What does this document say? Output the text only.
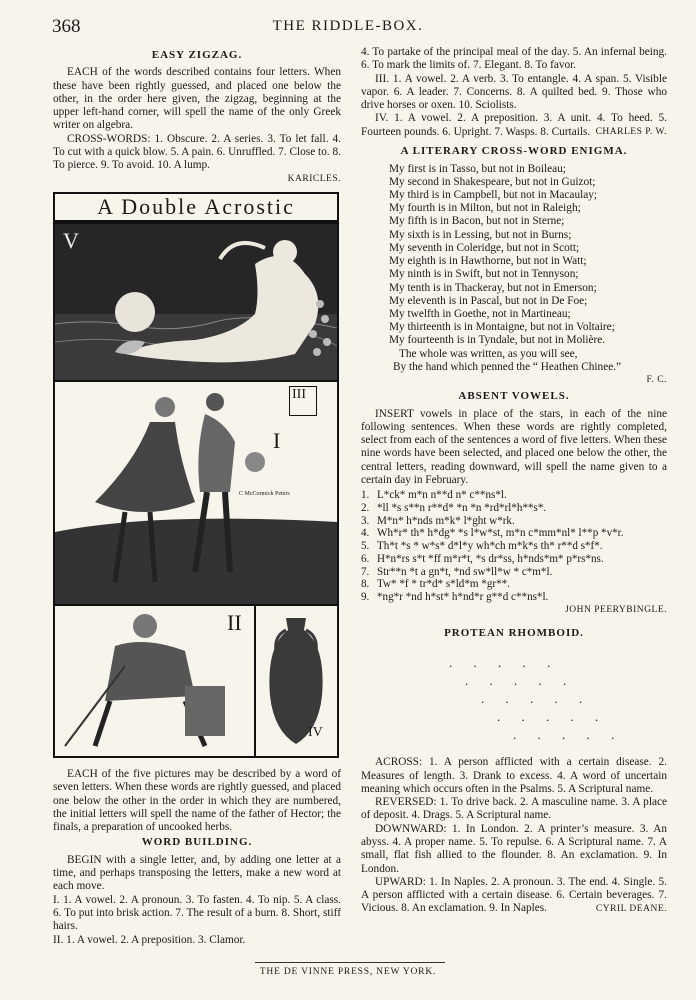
368	THE RIDDLE-BOX.
EASY ZIGZAG.

EACH of the words described contains four letters. When these have been rightly guessed, and placed one below the other, in the order here given, the zigzag, beginning at the upper left-hand corner, will spell the name of the only Greek writer on algebra.

CROSS-WORDS: 1. Obscure. 2. A series. 3. To let fall. 4. To cut with a quick blow. 5. A pain. 6. Unruffled. 7. Close to. 8. To pierce. 9. To avoid. 10. A lump.

KARICLES.
A Double Acrostic
V
I
III
C McCormick Peters
II
IV

EACH of the five pictures may be described by a word of seven letters. When these words are rightly guessed, and placed one below the other in the order in which they are numbered, the initial letters will spell the name of the father of Hector; the finals, a preparation of uncooked herbs.

WORD BUILDING.

BEGIN with a single letter, and, by adding one letter at a time, and perhaps transposing the letters, make a new word at each move.

I. 1. A vowel. 2. A pronoun. 3. To fasten. 4. To nip. 5. A class. 6. To put into brisk action. 7. The result of a burn. 8. Short, stiff hairs.

II. 1. A vowel. 2. A preposition. 3. Clamor.

4. To partake of the principal meal of the day. 5. An infernal being. 6. To mark the limits of. 7. Elegant. 8. To favor.

III. 1. A vowel. 2. A verb. 3. To entangle. 4. A span. 5. Visible vapor. 6. A leader. 7. Concerns. 8. A quilted bed. 9. Those who drive horses or oxen. 10. Sciolists.

IV. 1. A vowel. 2. A preposition. 3. A unit. 4. To heed. 5. Fourteen pounds. 6. Upright. 7. Wasps. 8. Curtails. CHARLES P. W.
A LITERARY CROSS-WORD ENIGMA.
My first is in Tasso, but not in Boileau;
My second in Shakespeare, but not in Guizot;
My third is in Campbell, but not in Macaulay;
My fourth is in Milton, but not in Raleigh;
My fifth is in Bacon, but not in Sterne;
My sixth is in Lessing, but not in Burns;
My seventh in Coleridge, but not in Scott;
My eighth is in Hawthorne, but not in Watt;
My ninth is in Swift, but not in Tennyson;
My tenth is in Thackeray, but not in Emerson;
My eleventh is in Pascal, but not in De Foe;
My twelfth in Goethe, not in Martineau;
My thirteenth is in Montaigne, but not in Voltaire;
My fourteenth is in Tyndale, but not in Molière.
The whole was written, as you will see,
By the hand which penned the “ Heathen Chinee.”
F. C.
ABSENT VOWELS.

INSERT vowels in place of the stars, in each of the nine following sentences. When these words are rightly completed, select from each of the sentences a word of five letters. When these nine words have been selected, and placed one below the other, the central letters, reading downward, will spell the name given to a certain day in February.

1. L*ck* m*n n**d n* c**ns*l.
2. *ll *s s**n r**d* *n *n *rd*rl*h**s*.
3. M*n* h*nds m*k* l*ght w*rk.
4. Wh*r* th* h*dg* *s l*w*st, m*n c*mm*nl* l**p *v*r.
5. Th*t *s * w*s* d*l*y wh*ch m*k*s th* r**d s*f*.
6. H*n*rs s*t *ff m*r*t, *s dr*ss, h*nds*m* p*rs*ns.
7. Str**n *t a gn*t, *nd sw*ll*w * c*m*l.
8. Tw* *f * tr*d* s*ld*m *gr**.
9. *ng*r *nd h*st* h*nd*r g**d c**ns*l.
JOHN PEERYBINGLE.
PROTEAN RHOMBOID.
. . . . .
. . . . .
. . . . .
. . . . .
. . . . .

ACROSS: 1. A person afflicted with a certain disease. 2. Measures of length. 3. Drank to excess. 4. A word of uncertain meaning which occurs often in the Psalms. 5. A Scriptural name.

REVERSED: 1. To drive back. 2. A masculine name. 3. A place of deposit. 4. Drags. 5. A Scriptural name.

DOWNWARD: 1. In London. 2. A printer’s measure. 3. An abyss. 4. A proper name. 5. To repulse. 6. A Scriptural name. 7. A small, flat fish allied to the flounder. 8. An exclamation. 9. In London.

UPWARD: 1. In Naples. 2. A pronoun. 3. The end. 4. Single. 5. A person afflicted with a certain disease. 6. Certain beverages. 7. Vicious. 8. An exclamation. 9. In Naples.	CYRIL DEANE.
THE DE VINNE PRESS, NEW YORK.
